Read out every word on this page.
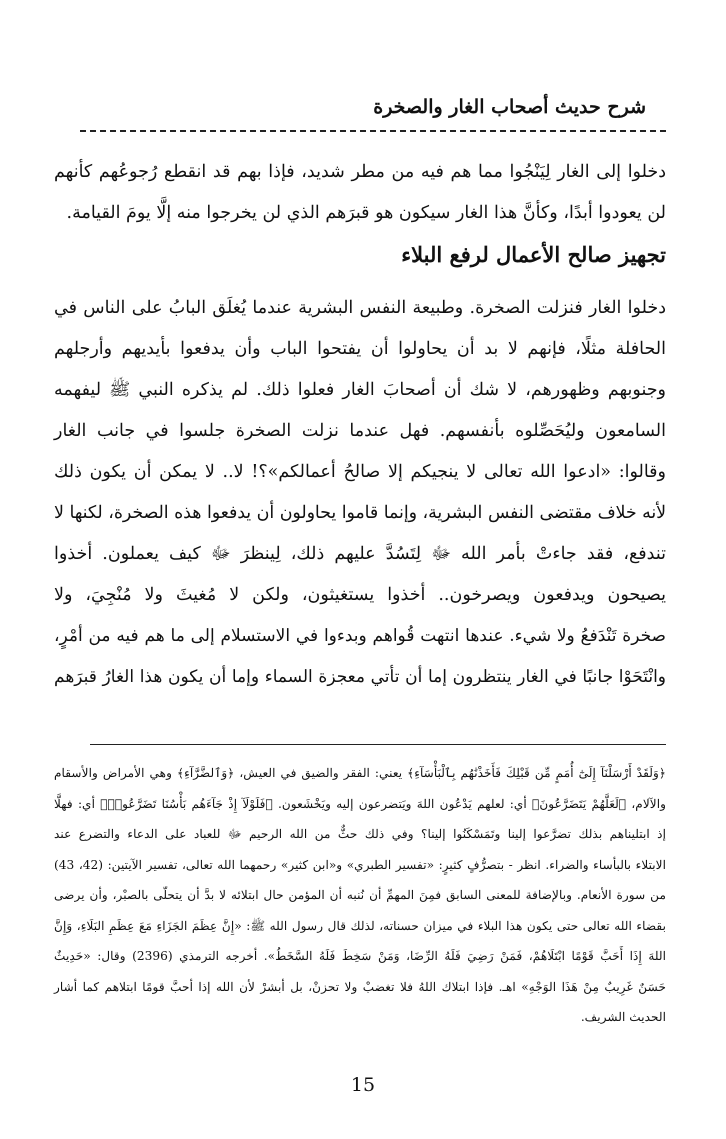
شرح حديث أصحاب الغار والصخرة
دخلوا إلى الغار لِيَنْجُوا مما هم فيه من مطر شديد، فإذا بهم قد انقطع رُجوعُهم كأنهم
لن يعودوا أبدًا، وكأنَّ هذا الغار سيكون هو قبرَهم الذي لن يخرجوا منه إلَّا يومَ القيامة.
تجهيز صالح الأعمال لرفع البلاء
دخلوا الغار فنزلت الصخرة. وطبيعة النفس البشرية عندما يُغلَق البابُ على الناس في
الحافلة مثلًا، فإنهم لا بد أن يحاولوا أن يفتحوا الباب وأن يدفعوا بأيديهم وأرجلهم
وجنوبهم وظهورهم، لا شك أن أصحابَ الغار فعلوا ذلك. لم يذكره النبي ﷺ ليفهمه
السامعون وليُحَصِّلوه بأنفسهم. فهل عندما نزلت الصخرة جلسوا في جانب الغار
وقالوا: «ادعوا الله تعالى لا ينجيكم إلا صالحُ أعمالكم»؟! لا.. لا يمكن أن يكون ذلك
لأنه خلاف مقتضى النفس البشرية، وإنما قاموا يحاولون أن يدفعوا هذه الصخرة، لكنها لا
تندفع، فقد جاءتْ بأمر الله ﷻ لِتَسُدَّ عليهم ذلك، لِينظرَ ﷻ كيف يعملون. أخذوا
يصيحون ويدفعون ويصرخون.. أخذوا يستغيثون، ولكن لا مُغيثَ ولا مُنْجِيَ، ولا
صخرة تَنْدَفعُ ولا شيء. عندها انتهت قُواهم وبدءوا في الاستسلام إلى ما هم فيه من أمْرٍ،
وانْتَحَوْا جانبًا في الغار ينتظرون إما أن تأتي معجزة السماء وإما أن يكون هذا الغارُ قبرَهم
﴿وَلَقَدْ أَرْسَلْنَآ إِلَىٰٓ أُمَمٍ مِّن قَبْلِكَ فَأَخَذْنَٰهُم بِٱلْبَأْسَآءِ﴾ يعني: الفقر والضيق في العيش، ﴿وَٱلضَّرَّآءِ﴾ وهي الأمراض والأسقام
والآلام، ﴿لَعَلَّهُمْ يَتَضَرَّعُونَ﴾ أي: لعلهم يَدْعُون اللهَ ويَتضرعون إليه ويَخْشَعون. ﴿فَلَوْلَآ إِذْ جَآءَهُم بَأْسُنَا تَضَرَّعُوا۟﴾ أي: فهلَّا
إذ ابتليناهم بذلك تضرَّعوا إلينا وتَمَسْكَنُوا إلينا؟ وفي ذلك حثٌّ من الله الرحيم ﷻ للعباد على الدعاء والتضرع عند
الابتلاء بالبأساء والضراء. انظر - بتصرُّفٍ كثيرٍ: «تفسير الطبري» و«ابن كثير» رحمهما الله تعالى، تفسير الآيتين: (42، 43)
من سورة الأنعام. وبالإضافة للمعنى السابق فمِنَ المهمِّ أن نُنبه أن المؤمن حال ابتلائه لا بدَّ أن يتحلّى بالصبْر، وأن يرضى
بقضاء الله تعالى حتى يكون هذا البلاء في ميزان حسناته، لذلك قال رسول الله ﷺ: «إِنَّ عِظَمَ الجَزَاءِ مَعَ عِظَمِ البَلَاءِ، وَإِنَّ
اللهَ إِذَا أَحَبَّ قَوْمًا ابْتَلَاهُمْ، فَمَنْ رَضِيَ فَلَهُ الرِّضَا، وَمَنْ سَخِطَ فَلَهُ السَّخَطُ». أخرجه الترمذي (2396) وقال: «حَدِيثٌ
حَسَنٌ غَرِيبٌ مِنْ هَذَا الوَجْهِ» اهـ. فإذا ابتلاك اللهُ فلا تغضبْ ولا تحزنْ، بل أبشرْ لأن الله إذا أحبَّ قومًا ابتلاهم كما أشار
الحديث الشريف.
15
